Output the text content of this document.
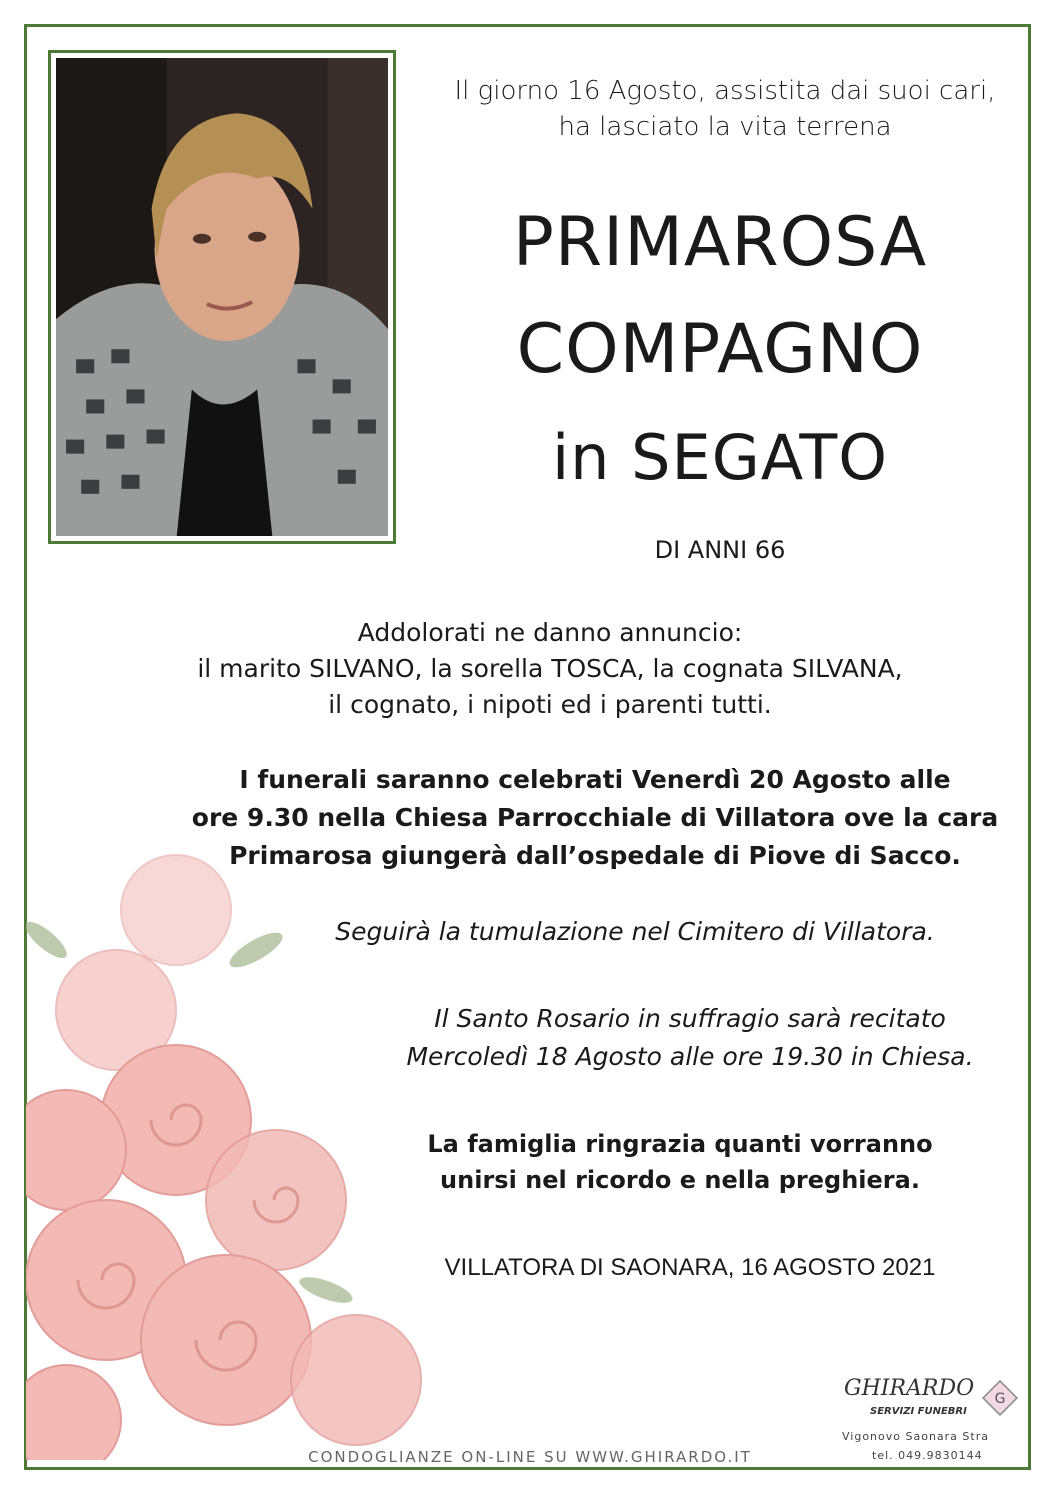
Il giorno 16 Agosto, assistita dai suoi cari,
ha lasciato la vita terrena
PRIMAROSA
COMPAGNO
in SEGATO
DI ANNI 66
Addolorati ne danno annuncio:
il marito SILVANO, la sorella TOSCA, la cognata SILVANA,
il cognato, i nipoti ed i parenti tutti.
I funerali saranno celebrati Venerdì 20 Agosto alle
ore 9.30 nella Chiesa Parrocchiale di Villatora ove la cara
Primarosa giungerà dall’ospedale di Piove di Sacco.
Seguirà la tumulazione nel Cimitero di Villatora.
Il Santo Rosario in suffragio sarà recitato
Mercoledì 18 Agosto alle ore 19.30 in Chiesa.
La famiglia ringrazia quanti vorranno
unirsi nel ricordo e nella preghiera.
VILLATORA DI SAONARA, 16 AGOSTO 2021
CONDOGLIANZE ON-LINE SU WWW.GHIRARDO.IT
GHIRARDO
SERVIZI FUNEBRI
G
Vigonovo Saonara Stra
tel. 049.9830144
